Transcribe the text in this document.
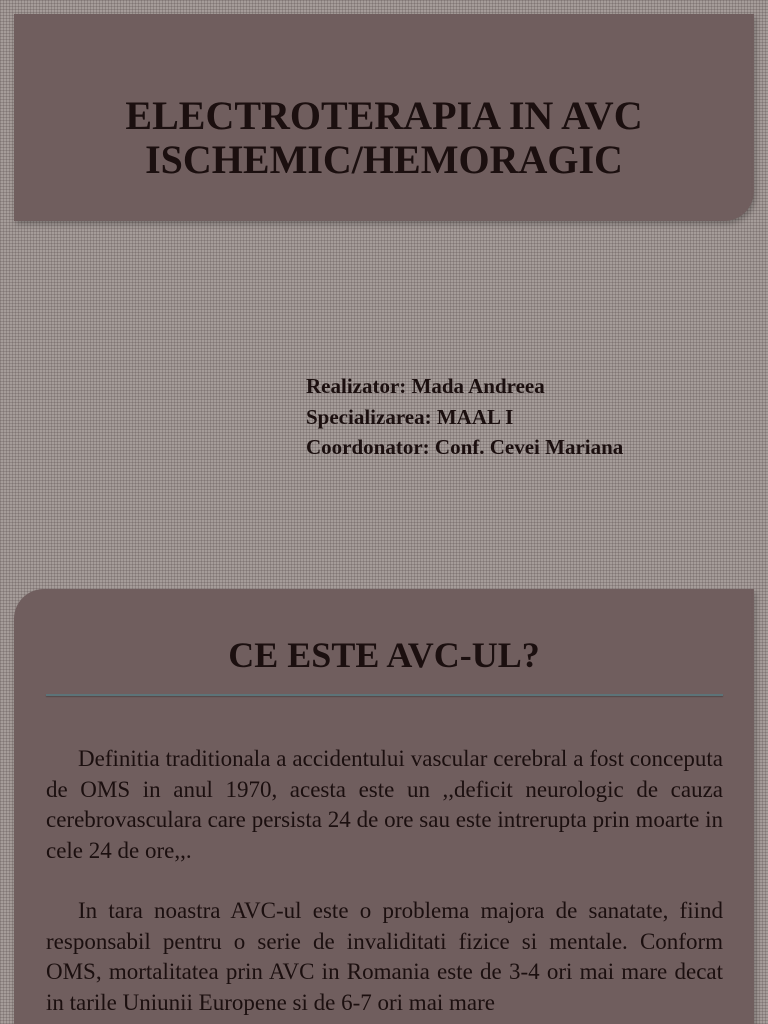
ELECTROTERAPIA IN AVC
ISCHEMIC/HEMORAGIC
Realizator: Mada Andreea
Specializarea: MAAL I
Coordonator: Conf. Cevei Mariana
CE ESTE AVC-UL?

Definitia traditionala a accidentului vascular cerebral a fost conceputa de OMS in anul 1970, acesta este un ,,deficit neurologic de cauza cerebrovasculara care persista 24 de ore sau este intrerupta prin moarte in cele 24 de ore,,.

In tara noastra AVC-ul este o problema majora de sanatate, fiind responsabil pentru o serie de invaliditati fizice si mentale. Conform OMS, mortalitatea prin AVC in Romania este de 3-4 ori mai mare decat in tarile Uniunii Europene si de 6-7 ori mai mare
